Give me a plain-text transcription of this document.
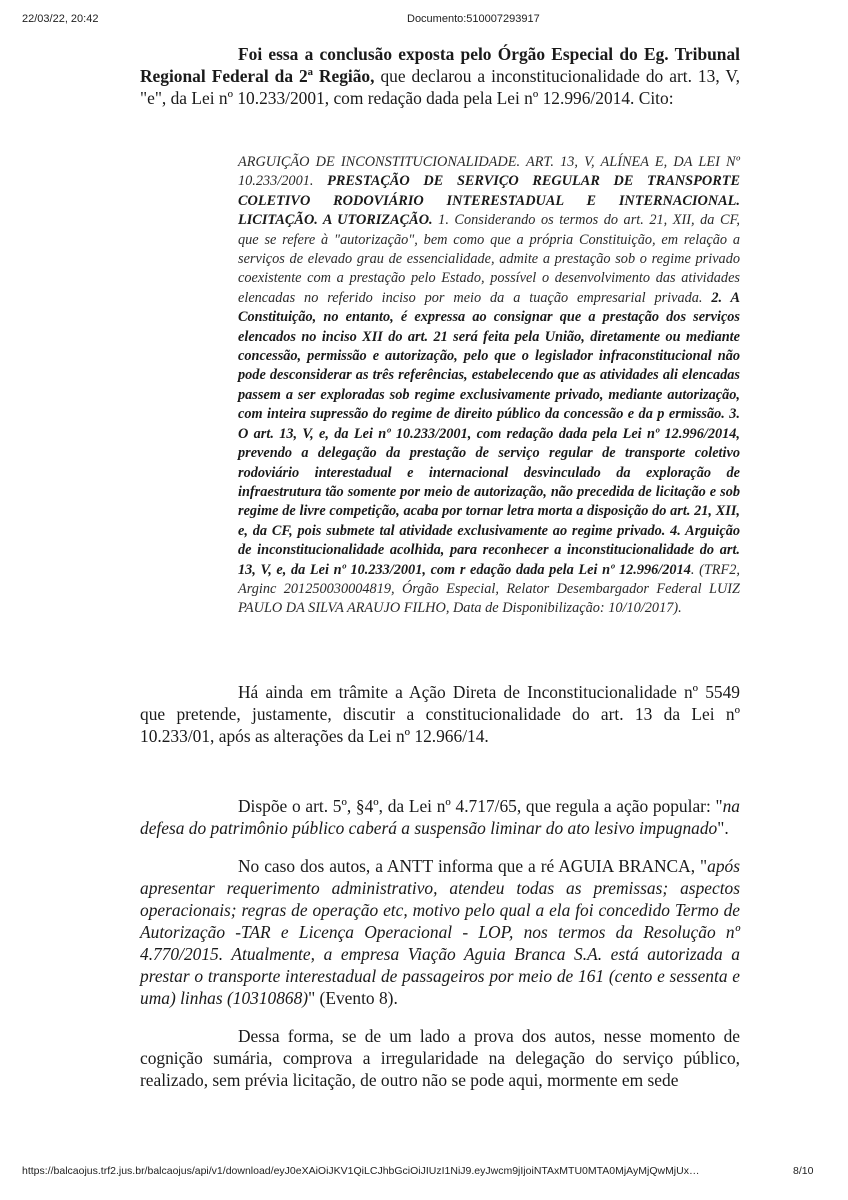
22/03/22, 20:42	Documento:510007293917

Foi essa a conclusão exposta pelo Órgão Especial do Eg. Tribunal Regional Federal da 2ª Região, que declarou a inconstitucionalidade do art. 13, V, "e", da Lei nº 10.233/2001, com redação dada pela Lei nº 12.996/2014. Cito:

ARGUIÇÃO DE INCONSTITUCIONALIDADE. ART. 13, V, ALÍNEA E, DA LEI Nº 10.233/2001. PRESTAÇÃO DE SERVIÇO REGULAR DE TRANSPORTE COLETIVO RODOVIÁRIO INTERESTADUAL E INTERNACIONAL. LICITAÇÃO. A UTORIZAÇÃO. 1. Considerando os termos do art. 21, XII, da CF, que se refere à "autorização", bem como que a própria Constituição, em relação a serviços de elevado grau de essencialidade, admite a prestação sob o regime privado coexistente com a prestação pelo Estado, possível o desenvolvimento das atividades elencadas no referido inciso por meio da a tuação empresarial privada. 2. A Constituição, no entanto, é expressa ao consignar que a prestação dos serviços elencados no inciso XII do art. 21 será feita pela União, diretamente ou mediante concessão, permissão e autorização, pelo que o legislador infraconstitucional não pode desconsiderar as três referências, estabelecendo que as atividades ali elencadas passem a ser exploradas sob regime exclusivamente privado, mediante autorização, com inteira supressão do regime de direito público da concessão e da p ermissão. 3. O art. 13, V, e, da Lei nº 10.233/2001, com redação dada pela Lei nº 12.996/2014, prevendo a delegação da prestação de serviço regular de transporte coletivo rodoviário interestadual e internacional desvinculado da exploração de infraestrutura tão somente por meio de autorização, não precedida de licitação e sob regime de livre competição, acaba por tornar letra morta a disposição do art. 21, XII, e, da CF, pois submete tal atividade exclusivamente ao regime privado. 4. Arguição de inconstitucionalidade acolhida, para reconhecer a inconstitucionalidade do art. 13, V, e, da Lei nº 10.233/2001, com r edação dada pela Lei nº 12.996/2014. (TRF2, Arginc 201250030004819, Órgão Especial, Relator Desembargador Federal LUIZ PAULO DA SILVA ARAUJO FILHO, Data de Disponibilização: 10/10/2017).

Há ainda em trâmite a Ação Direta de Inconstitucionalidade nº 5549 que pretende, justamente, discutir a constitucionalidade do art. 13 da Lei nº 10.233/01, após as alterações da Lei nº 12.966/14.

Dispõe o art. 5º, §4º, da Lei nº 4.717/65, que regula a ação popular: "na defesa do patrimônio público caberá a suspensão liminar do ato lesivo impugnado".

No caso dos autos, a ANTT informa que a ré AGUIA BRANCA, "após apresentar requerimento administrativo, atendeu todas as premissas; aspectos operacionais; regras de operação etc, motivo pelo qual a ela foi concedido Termo de Autorização -TAR e Licença Operacional - LOP, nos termos da Resolução nº 4.770/2015. Atualmente, a empresa Viação Aguia Branca S.A. está autorizada a prestar o transporte interestadual de passageiros por meio de 161 (cento e sessenta e uma) linhas (10310868)" (Evento 8).

Dessa forma, se de um lado a prova dos autos, nesse momento de cognição sumária, comprova a irregularidade na delegação do serviço público, realizado, sem prévia licitação, de outro não se pode aqui, mormente em sede

https://balcaojus.trf2.jus.br/balcaojus/api/v1/download/eyJ0eXAiOiJKV1QiLCJhbGciOiJIUzI1NiJ9.eyJwcm9jIjoiNTAxMTU0MTA0MjAyMjQwMjUx…	8/10
